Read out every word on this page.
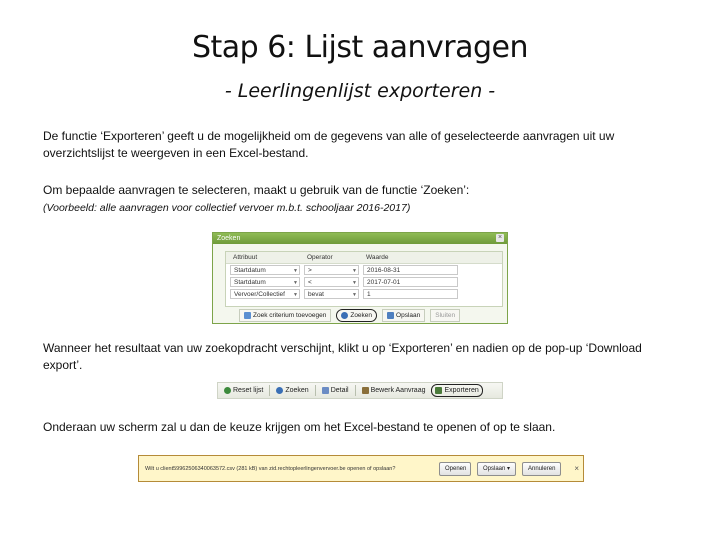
Stap 6: Lijst aanvragen
- Leerlingenlijst exporteren -
De functie ‘Exporteren’ geeft u de mogelijkheid om de gegevens van alle of geselecteerde aanvragen uit uw overzichtslijst te weergeven in een Excel-bestand.
Om bepaalde aanvragen te selecteren, maakt u gebruik van de functie ‘Zoeken’:
(Voorbeeld: alle aanvragen voor collectief vervoer m.b.t. schooljaar 2016-2017)
Zoeken	×
Attribuut	Operator	Waarde
Startdatum	▼	>	▼	2016-08-31
Startdatum	▼	<	▼	2017-07-01
Vervoer/Collectief ▼	bevat	▼	1
Zoek criterium toevoegen	Zoeken	Opslaan Sluiten
Wanneer het resultaat van uw zoekopdracht verschijnt, klikt u op ‘Exporteren’ en nadien op de pop-up ‘Download export’.
Reset lijst	Zoeken	Detail	Bewerk Aanvraag	Exporteren
Onderaan uw scherm zal u dan de keuze krijgen om het Excel-bestand te openen of op te slaan.
Wilt u client59962506340063572.csv (281 kB) van zid.rechtopleerlingenvervoer.be openen of opslaan?	Openen	Opslaan ▾	Annuleren	×
